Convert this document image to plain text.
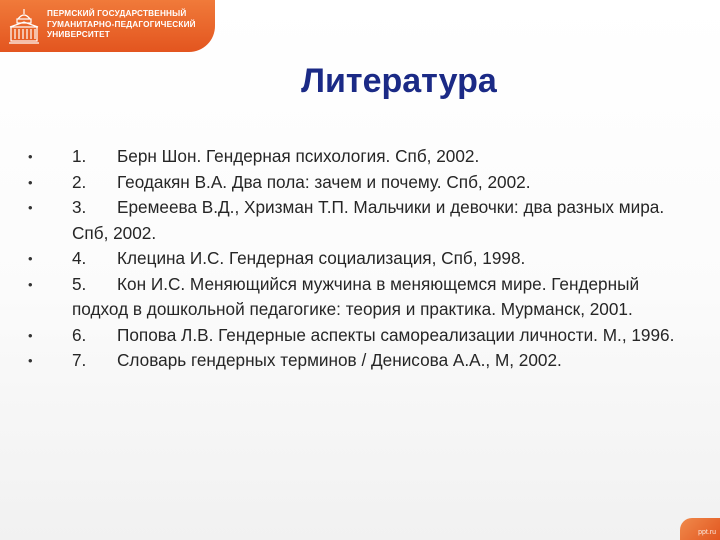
ПЕРМСКИЙ ГОСУДАРСТВЕННЫЙ
ГУМАНИТАРНО-ПЕДАГОГИЧЕСКИЙ
УНИВЕРСИТЕТ
Литература
•	1. Берн Шон. Гендерная психология. Спб, 2002.
•	2. Геодакян В.А. Два пола: зачем и почему. Спб, 2002.
•	3. Еремеева В.Д., Хризман Т.П. Мальчики и девочки: два разных мира. Спб, 2002.
•	4. Клецина И.С. Гендерная социализация, Спб, 1998.
•	5. Кон И.С. Меняющийся мужчина в меняющемся мире. Гендерный подход в дошкольной педагогике: теория и практика. Мурманск, 2001.
•	6. Попова Л.В. Гендерные аспекты самореализации личности. М., 1996.
•	7. Словарь гендерных терминов / Денисова А.А., М, 2002.
ppt.ru
